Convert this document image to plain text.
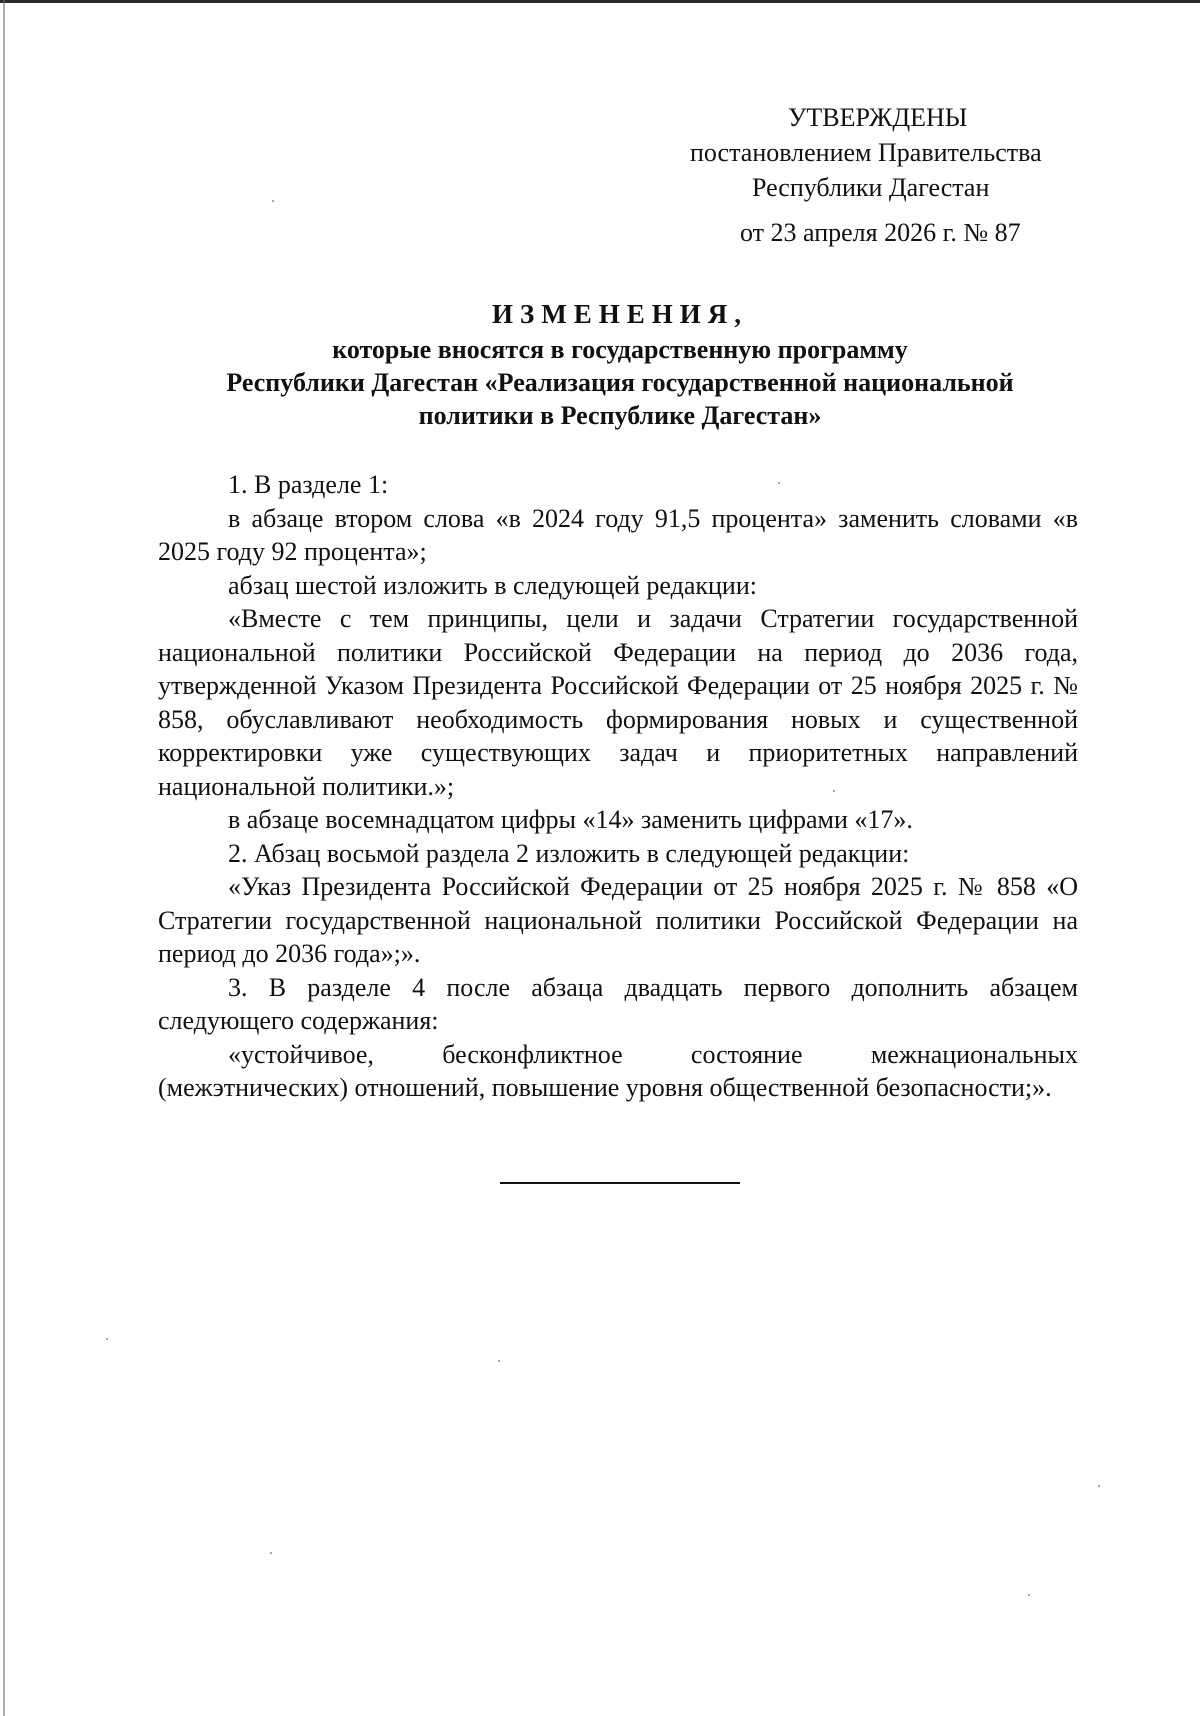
УТВЕРЖДЕНЫ
постановлением Правительства
Республики Дагестан
от 23 апреля 2026 г. № 87
ИЗМЕНЕНИЯ,
которые вносятся в государственную программу
Республики Дагестан «Реализация государственной национальной
политики в Республике Дагестан»

1. В разделе 1:

в абзаце втором слова «в 2024 году 91,5 процента» заменить словами «в 2025 году 92 процента»;

абзац шестой изложить в следующей редакции:

«Вместе с тем принципы, цели и задачи Стратегии государственной национальной политики Российской Федерации на период до 2036 года, утвержденной Указом Президента Российской Федерации от 25 ноября 2025 г. № 858, обуславливают необходимость формирования новых и существенной корректировки уже существующих задач и приоритетных направлений национальной политики.»;

в абзаце восемнадцатом цифры «14» заменить цифрами «17».

2. Абзац восьмой раздела 2 изложить в следующей редакции:

«Указ Президента Российской Федерации от 25 ноября 2025 г. № 858 «О Стратегии государственной национальной политики Российской Федерации на период до 2036 года»;».

3. В разделе 4 после абзаца двадцать первого дополнить абзацем следующего содержания:

«устойчивое, бесконфликтное состояние межнациональных (межэтнических) отношений, повышение уровня общественной безопасности;».
